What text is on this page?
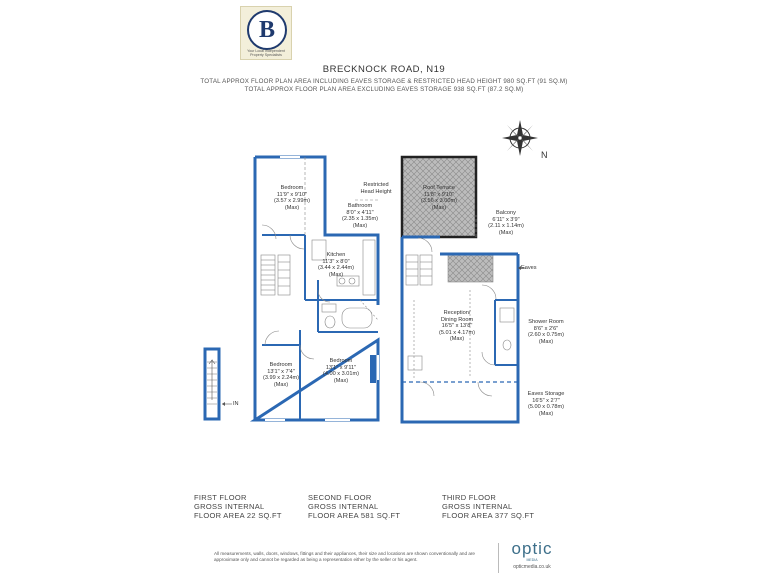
B
Your Local Independent Property Specialists
BRECKNOCK ROAD, N19
TOTAL APPROX FLOOR PLAN AREA INCLUDING EAVES STORAGE & RESTRICTED HEAD HEIGHT 980 SQ.FT (91 SQ.M)
TOTAL APPROX FLOOR PLAN AREA EXCLUDING EAVES STORAGE 938 SQ.FT (87.2 SQ.M)
N
Bedroom
11'9" x 9'10"
(3.57 x 2.99m)
(Max)
Restricted
Head Height
Bathroom
8'0" x 4'11"
(2.35 x 1.35m)
(Max)
Kitchen
11'3" x 8'0"
(3.44 x 2.44m)
(Max)
Bedroom
13'1" x 7'4"
(3.99 x 2.24m)
(Max)
Bedroom
13'1" x 9'11"
(4.00 x 3.01m)
(Max)
Roof Terrace
11'8" x 9'10"
(3.56 x 3.00m)
(Max)
Balcony
6'11" x 3'9"
(2.11 x 1.14m)
(Max)
Eaves
Reception/
Dining Room
16'5" x 13'8"
(5.01 x 4.17m)
(Max)
Shower Room
8'6" x 2'6"
(2.60 x 0.75m)
(Max)
Eaves Storage
16'5" x 2'7"
(5.00 x 0.78m)
(Max)
IN
FIRST FLOOR
GROSS INTERNAL
FLOOR AREA 22 SQ.FT
SECOND FLOOR
GROSS INTERNAL
FLOOR AREA 581 SQ.FT
THIRD FLOOR
GROSS INTERNAL
FLOOR AREA 377 SQ.FT
All measurements, walls, doors, windows, fittings and their appliances, their size and locations are shown conventionally and are approximate only and cannot be regarded as being a representation either by the seller or his agent.
optic
MEDIA
opticmedia.co.uk
